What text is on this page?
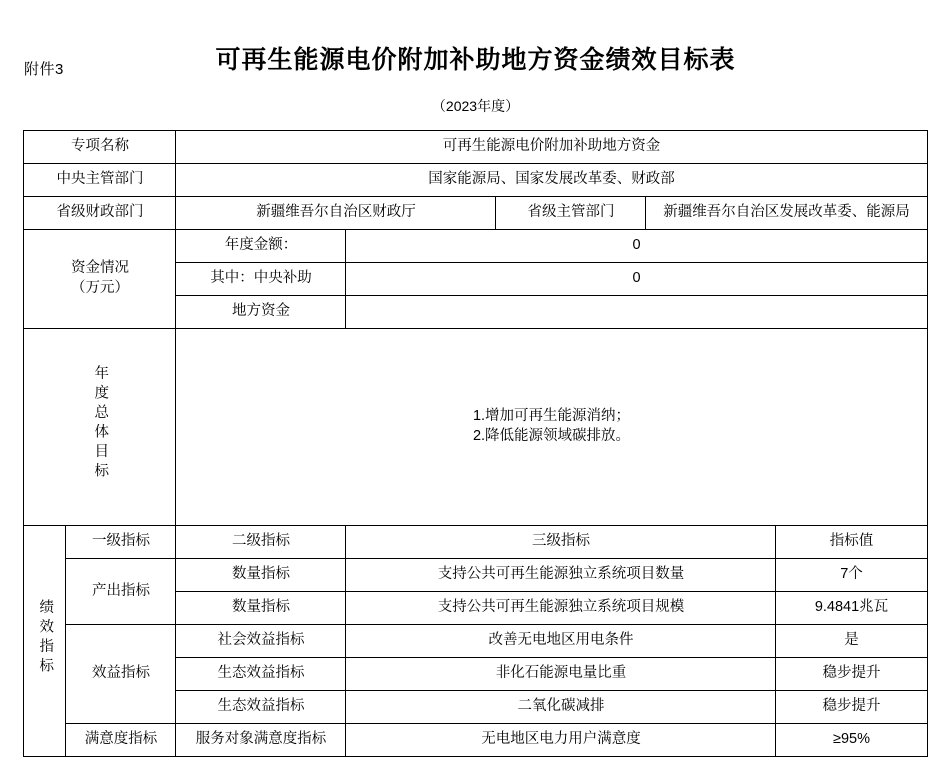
附件3	可再生能源电价附加补助地方资金绩效目标表
（2023年度）
专项名称		可再生能源电价附加补助地方资金				
中央主管部门		国家能源局、国家发展改革委、财政部				
省级财政部门		新疆维吾尔自治区财政厅		省级主管部门	新疆维吾尔自治区发展改革委、能源局	
资金情况
（万元）		年度金额：	0			
		其中：中央补助	0			
		地方资金				
年度总体目标		1.增加可再生能源消纳；
2.降低能源领域碳排放。				

绩效指标	一级指标	二级指标	三级指标			指标值
	产出指标	数量指标	支持公共可再生能源独立系统项目数量			7个
		数量指标	支持公共可再生能源独立系统项目规模			9.4841兆瓦
	效益指标	社会效益指标	改善无电地区用电条件			是
		生态效益指标	非化石能源电量比重			稳步提升
		生态效益指标	二氧化碳减排			稳步提升
	满意度指标	服务对象满意度指标	无电地区电力用户满意度			≥95%
